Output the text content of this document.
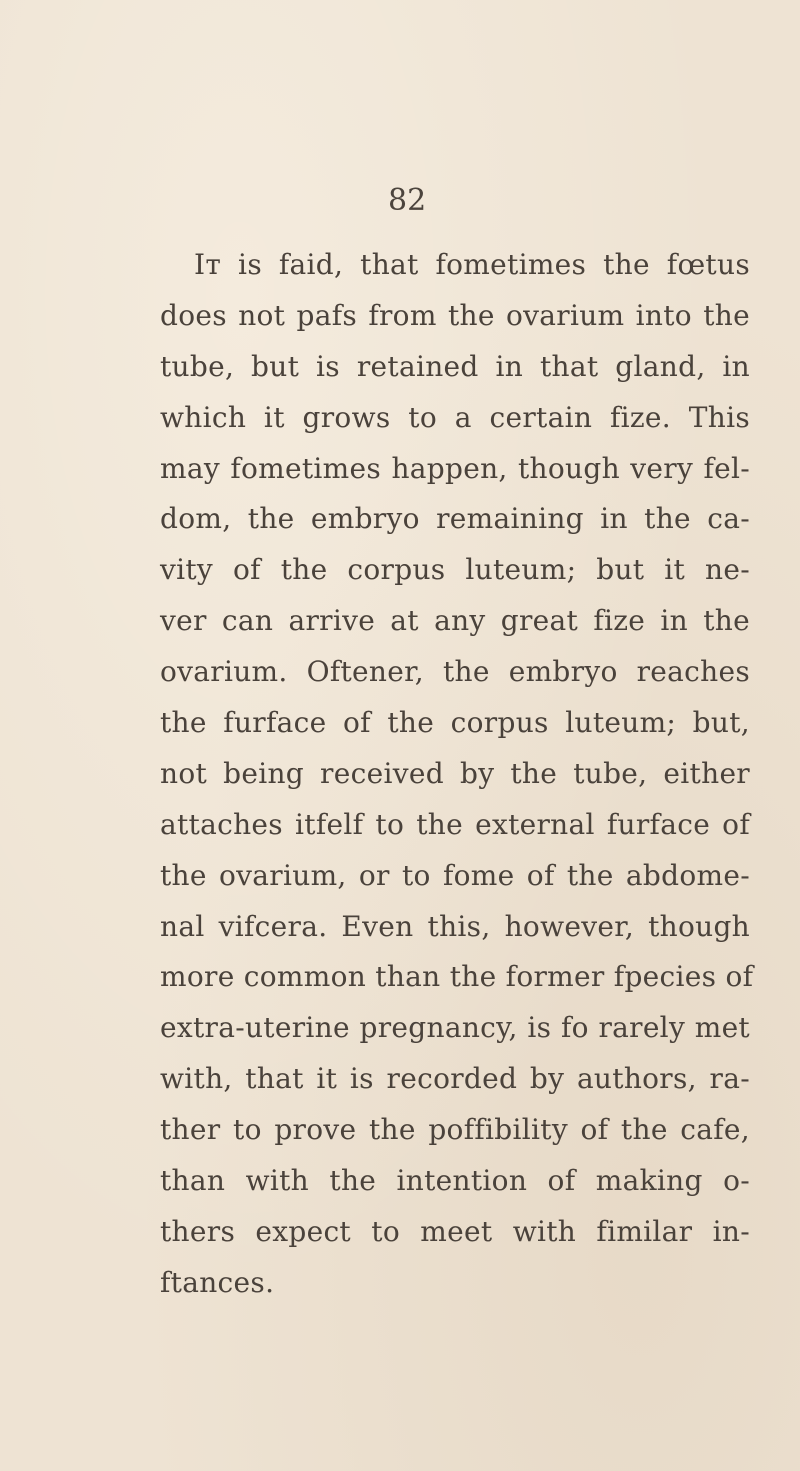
82
Iт is faid, that fometimes the fœtus
does not pafs from the ovarium into the
tube, but is retained in that gland, in
which it grows to a certain fize. This
may fometimes happen, though very fel-
dom, the embryo remaining in the ca-
vity of the corpus luteum; but it ne-
ver can arrive at any great fize in the
ovarium. Oftener, the embryo reaches
the furface of the corpus luteum; but,
not being received by the tube, either
attaches itfelf to the external furface of
the ovarium, or to fome of the abdome-
nal vifcera. Even this, however, though
more common than the former fpecies of
extra-uterine pregnancy, is fo rarely met
with, that it is recorded by authors, ra-
ther to prove the poffibility of the cafe,
than with the intention of making o-
thers expect to meet with fimilar in-
ftances.
